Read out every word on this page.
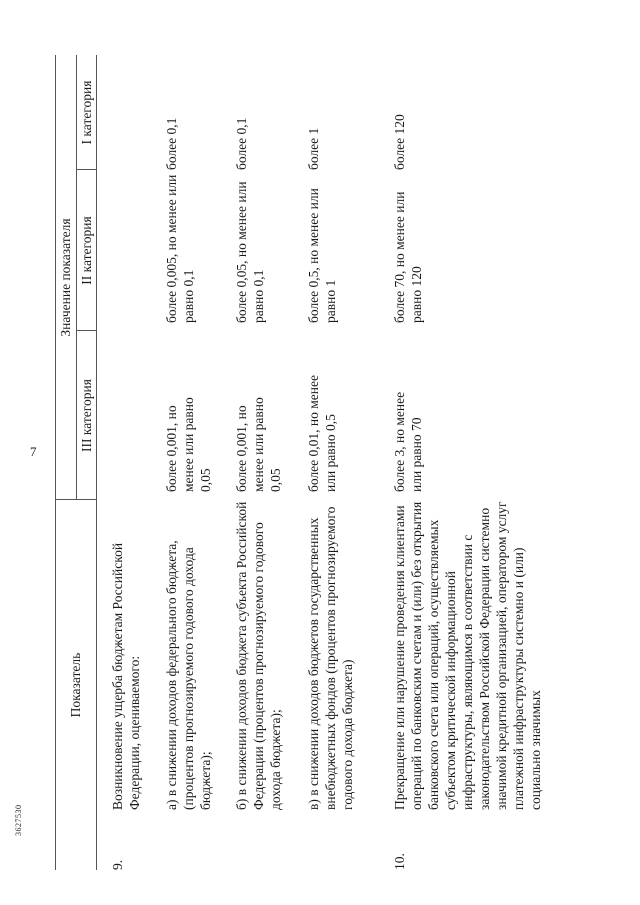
7
3627530
Показатель
Значение показателя
III категория
II категория
I категория
9.
Возникновение ущерба бюджетам Российской Федерации, оцениваемого: а) в снижении доходов федерального бюджета, (процентов прогнозируемого годового дохода бюджета);
более 0,001, но менее или равно 0,05
более 0,005, но менее или равно 0,1
более 0,1
б) в снижении доходов бюджета субъекта Российской Федерации (процентов прогнозируемого годового дохода бюджета);
более 0,001, но менее или равно 0,05
более 0,05, но менее или равно 0,1
более 0,1
в) в снижении доходов бюджетов государственных внебюджетных фондов (процентов прогнозируемого годового дохода бюджета)
более 0,01, но менее или равно 0,5
более 0,5, но менее или равно 1
более 1
10.
Прекращение или нарушение проведения клиентами операций по банковским счетам и (или) без открытия банковского счета или операций, осуществляемых субъектом критической информационной инфраструктуры, являющимся в соответствии с законодательством Российской Федерации системно значимой кредитной организацией, оператором услуг платежной инфраструктуры системно и (или) социально значимых
более 3, но менее или равно 70
более 70, но менее или равно 120
более 120
